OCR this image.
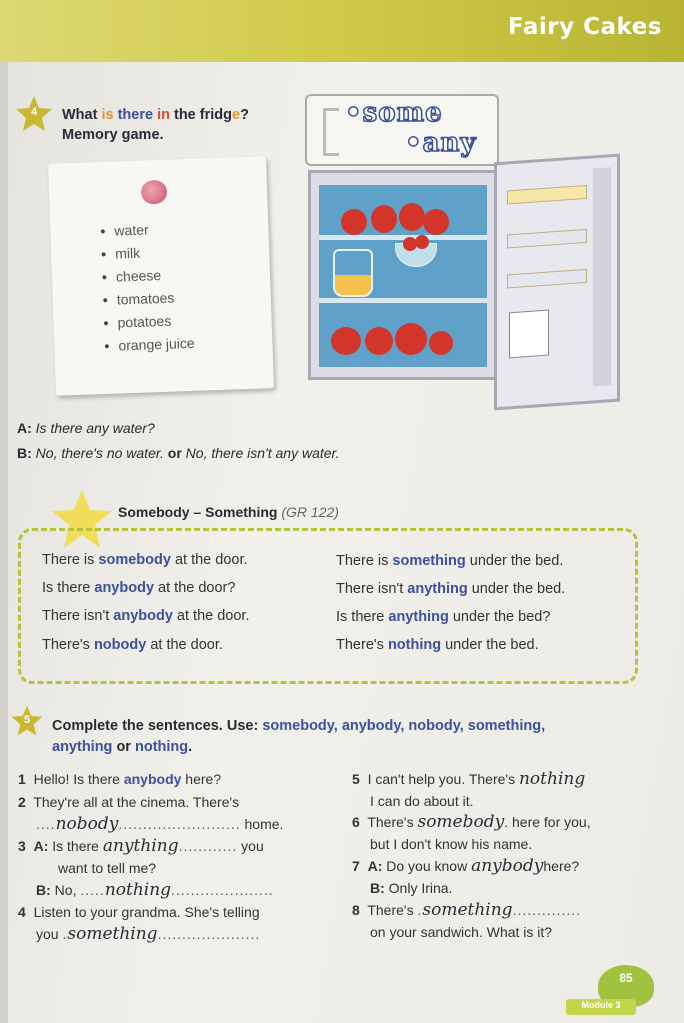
Fairy Cakes
4	What is there in the fridge?
Memory game.
• water
• milk
• cheese
• tomatoes
• potatoes
• orange juice
•some
•any
A: Is there any water?
B: No, there's no water. or No, there isn't any water.
Somebody – Something (GR 122)
There is somebody at the door.
Is there anybody at the door?
There isn't anybody at the door.
There's nobody at the door.
There is something under the bed.
There isn't anything under the bed.
Is there anything under the bed?
There's nothing under the bed.
5	Complete the sentences. Use: somebody, anybody, nobody, something,
anything or nothing.
1 Hello! Is there anybody here?
2 They're all at the cinema. There's
....nobody......................... home.
3 A: Is there anything............ you
want to tell me?
B: No, .....nothing.....................
4 Listen to your grandma. She's telling
you .something.....................
5 I can't help you. There's nothing
I can do about it.
6 There's somebody. here for you,
but I don't know his name.
7 A: Do you know anybodyhere?
B: Only Irina.
8 There's .something..............
on your sandwich. What is it?
85
Module 3
